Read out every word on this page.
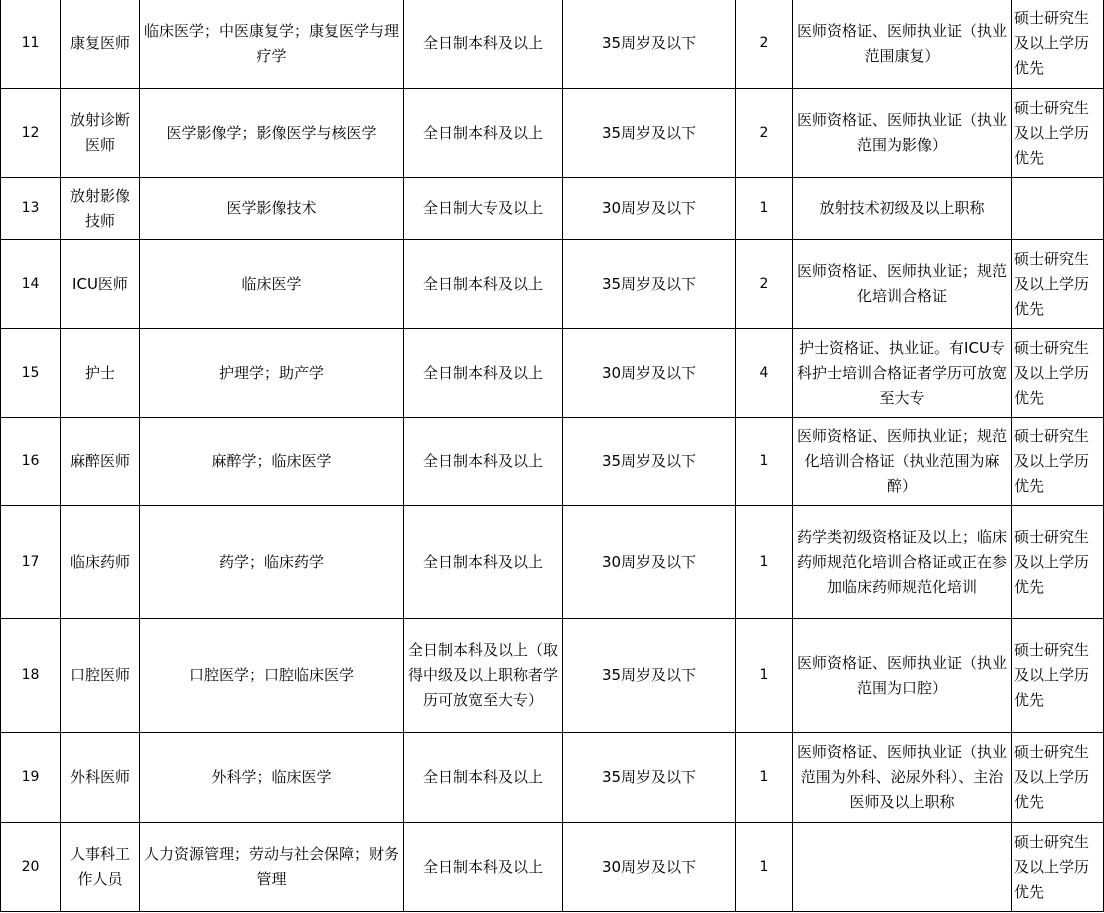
11	康复医师	临床医学；中医康复学；康复医学与理疗学	全日制本科及以上	35周岁及以下	2	医师资格证、医师执业证（执业范围康复）	硕士研究生及以上学历优先
12	放射诊断医师	医学影像学；影像医学与核医学	全日制本科及以上	35周岁及以下	2	医师资格证、医师执业证（执业范围为影像）	硕士研究生及以上学历优先
13	放射影像技师	医学影像技术	全日制大专及以上	30周岁及以下	1	放射技术初级及以上职称	
14	ICU医师	临床医学	全日制本科及以上	35周岁及以下	2	医师资格证、医师执业证；规范化培训合格证	硕士研究生及以上学历优先
15	护士	护理学；助产学	全日制本科及以上	30周岁及以下	4	护士资格证、执业证。有ICU专科护士培训合格证者学历可放宽至大专	硕士研究生及以上学历优先
16	麻醉医师	麻醉学；临床医学	全日制本科及以上	35周岁及以下	1	医师资格证、医师执业证；规范化培训合格证（执业范围为麻醉）	硕士研究生及以上学历优先
17	临床药师	药学；临床药学	全日制本科及以上	30周岁及以下	1	药学类初级资格证及以上；临床药师规范化培训合格证或正在参加临床药师规范化培训	硕士研究生及以上学历优先
18	口腔医师	口腔医学；口腔临床医学	全日制本科及以上（取得中级及以上职称者学历可放宽至大专）	35周岁及以下	1	医师资格证、医师执业证（执业范围为口腔）	硕士研究生及以上学历优先
19	外科医师	外科学；临床医学	全日制本科及以上	35周岁及以下	1	医师资格证、医师执业证（执业范围为外科、泌尿外科）、主治医师及以上职称	硕士研究生及以上学历优先
20	人事科工作人员	人力资源管理；劳动与社会保障；财务管理	全日制本科及以上	30周岁及以下	1		硕士研究生及以上学历优先
